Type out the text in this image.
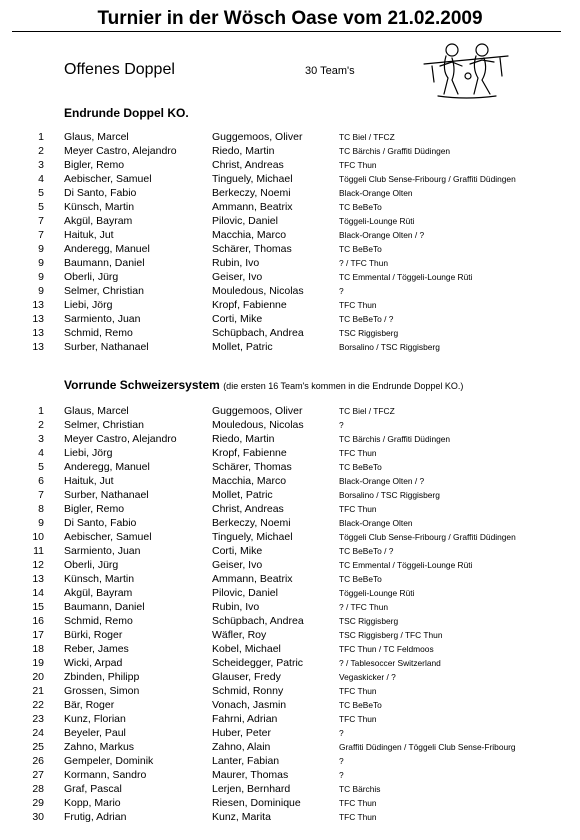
Turnier in der Wösch Oase vom 21.02.2009
Offenes Doppel	30 Team's
Endrunde Doppel KO.
1 Glaus, Marcel	Guggemoos, Oliver	TC Biel / TFCZ
2 Meyer Castro, Alejandro	Riedo, Martin	TC Bärchis / Graffiti Düdingen
3 Bigler, Remo	Christ, Andreas	TFC Thun
4 Aebischer, Samuel	Tinguely, Michael	Töggeli Club Sense-Fribourg / Graffiti Düdingen
5 Di Santo, Fabio	Berkeczy, Noemi	Black-Orange Olten
5 Künsch, Martin	Ammann, Beatrix	TC BeBeTo
7 Akgül, Bayram	Pilovic, Daniel	Töggeli-Lounge Rüti
7 Haituk, Jut	Macchia, Marco	Black-Orange Olten / ?
9 Anderegg, Manuel	Schärer, Thomas	TC BeBeTo
9 Baumann, Daniel	Rubin, Ivo	? / TFC Thun
9 Oberli, Jürg	Geiser, Ivo	TC Emmental / Töggeli-Lounge Rüti
9 Selmer, Christian	Mouledous, Nicolas	?
13 Liebi, Jörg	Kropf, Fabienne	TFC Thun
13 Sarmiento, Juan	Corti, Mike	TC BeBeTo / ?
13 Schmid, Remo	Schüpbach, Andrea	TSC Riggisberg
13 Surber, Nathanael	Mollet, Patric	Borsalino / TSC Riggisberg
Vorrunde Schweizersystem (die ersten 16 Team's kommen in die Endrunde Doppel KO.)
1 Glaus, Marcel	Guggemoos, Oliver	TC Biel / TFCZ
2 Selmer, Christian	Mouledous, Nicolas	?
3 Meyer Castro, Alejandro	Riedo, Martin	TC Bärchis / Graffiti Düdingen
4 Liebi, Jörg	Kropf, Fabienne	TFC Thun
5 Anderegg, Manuel	Schärer, Thomas	TC BeBeTo
6 Haituk, Jut	Macchia, Marco	Black-Orange Olten / ?
7 Surber, Nathanael	Mollet, Patric	Borsalino / TSC Riggisberg
8 Bigler, Remo	Christ, Andreas	TFC Thun
9 Di Santo, Fabio	Berkeczy, Noemi	Black-Orange Olten
10 Aebischer, Samuel	Tinguely, Michael	Töggeli Club Sense-Fribourg / Graffiti Düdingen
11 Sarmiento, Juan	Corti, Mike	TC BeBeTo / ?
12 Oberli, Jürg	Geiser, Ivo	TC Emmental / Töggeli-Lounge Rüti
13 Künsch, Martin	Ammann, Beatrix	TC BeBeTo
14 Akgül, Bayram	Pilovic, Daniel	Töggeli-Lounge Rüti
15 Baumann, Daniel	Rubin, Ivo	? / TFC Thun
16 Schmid, Remo	Schüpbach, Andrea	TSC Riggisberg
17 Bürki, Roger	Wäfler, Roy	TSC Riggisberg / TFC Thun
18 Reber, James	Kobel, Michael	TFC Thun / TC Feldmoos
19 Wicki, Arpad	Scheidegger, Patric	? / Tablesoccer Switzerland
20 Zbinden, Philipp	Glauser, Fredy	Vegaskicker / ?
21 Grossen, Simon	Schmid, Ronny	TFC Thun
22 Bär, Roger	Vonach, Jasmin	TC BeBeTo
23 Kunz, Florian	Fahrni, Adrian	TFC Thun
24 Beyeler, Paul	Huber, Peter	?
25 Zahno, Markus	Zahno, Alain	Graffiti Düdingen / Töggeli Club Sense-Fribourg
26 Gempeler, Dominik	Lanter, Fabian	?
27 Kormann, Sandro	Maurer, Thomas	?
28 Graf, Pascal	Lerjen, Bernhard	TC Bärchis
29 Kopp, Mario	Riesen, Dominique	TFC Thun
30 Frutig, Adrian	Kunz, Marita	TFC Thun
